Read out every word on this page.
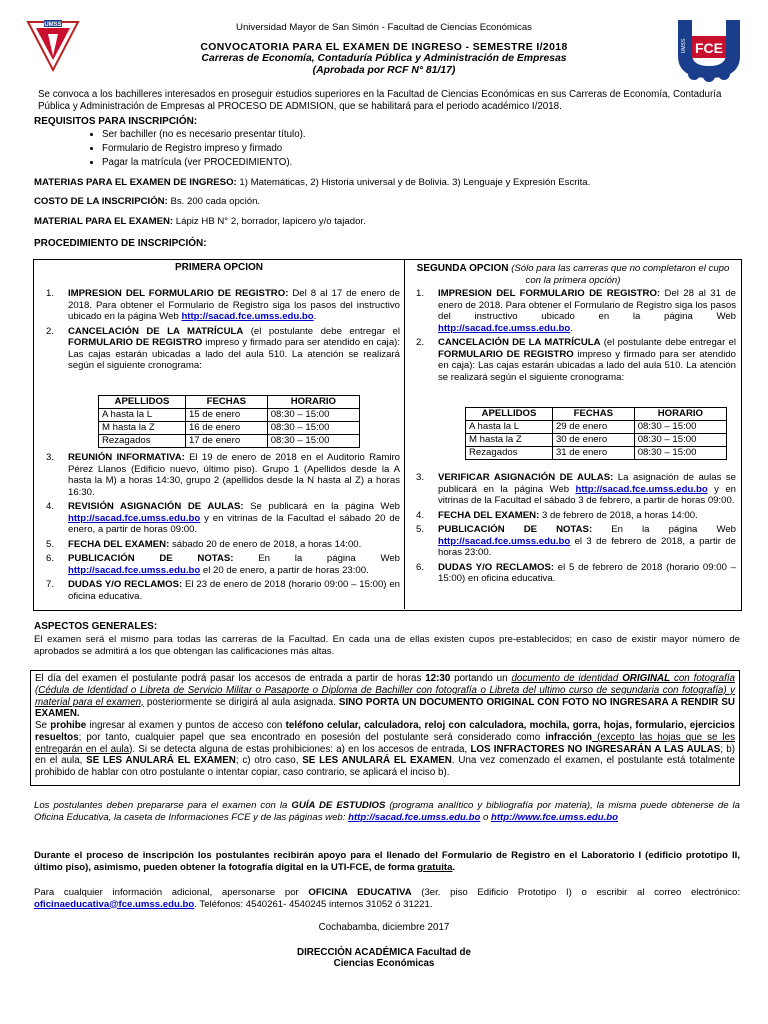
UMSS
FCE
UMSS
Universidad Mayor de San Simón - Facultad de Ciencias Económicas
CONVOCATORIA PARA EL EXAMEN DE INGRESO - SEMESTRE I/2018
Carreras de Economía, Contaduría Pública y Administración de Empresas
(Aprobada por RCF N° 81/17)
Se convoca a los bachilleres interesados en proseguir estudios superiores en la Facultad de Ciencias Económicas en sus Carreras de Economía, Contaduría Pública y Administración de Empresas al PROCESO DE ADMISION, que se habilitará para el periodo académico I/2018.
REQUISITOS PARA INSCRIPCIÓN:
• Ser bachiller (no es necesario presentar título).
• Formulario de Registro impreso y firmado
• Pagar la matrícula (ver PROCEDIMIENTO).
MATERIAS PARA EL EXAMEN DE INGRESO: 1) Matemáticas, 2) Historia universal y de Bolivia. 3) Lenguaje y Expresión Escrita.
COSTO DE LA INSCRIPCIÓN: Bs. 200 cada opción.
MATERIAL PARA EL EXAMEN: Lápiz HB N° 2, borrador, lapicero y/o tajador.
PROCEDIMIENTO DE INSCRIPCIÓN:
PRIMERA OPCION
1. IMPRESION DEL FORMULARIO DE REGISTRO: Del 8 al 17 de enero de 2018. Para obtener el Formulario de Registro siga los pasos del instructivo ubicado en la página Web http://sacad.fce.umss.edu.bo.
2. CANCELACIÓN DE LA MATRÍCULA (el postulante debe entregar el FORMULARIO DE REGISTRO impreso y firmado para ser atendido en caja): Las cajas estarán ubicadas a lado del aula 510. La atención se realizará según el siguiente cronograma:
APELLIDOS	FECHAS	HORARIO
A hasta la L	15 de enero	08:30 – 15:00
M hasta la Z	16 de enero	08:30 – 15:00
Rezagados	17 de enero	08:30 – 15:00
3. REUNIÓN INFORMATIVA: El 19 de enero de 2018 en el Auditorio Ramiro Pérez Llanos (Edificio nuevo, último piso). Grupo 1 (Apellidos desde la A hasta la M) a horas 14:30, grupo 2 (apellidos desde la N hasta al Z) a horas 16:30.
4. REVISIÓN ASIGNACIÓN DE AULAS: Se publicará en la página Web http://sacad.fce.umss.edu.bo y en vitrinas de la Facultad el sábado 20 de enero, a partir de horas 09:00.
5. FECHA DEL EXAMEN: sábado 20 de enero de 2018, a horas 14:00.
6. PUBLICACIÓN DE NOTAS: En la página Web http://sacad.fce.umss.edu.bo el 20 de enero, a partir de horas 23:00.
7. DUDAS Y/O RECLAMOS: El 23 de enero de 2018 (horario 09:00 – 15:00) en oficina educativa.
SEGUNDA OPCION (Sólo para las carreras que no completaron el cupo con la primera opción)
1. IMPRESION DEL FORMULARIO DE REGISTRO: Del 28 al 31 de enero de 2018. Para obtener el Formulario de Registro siga los pasos del instructivo ubicado en la página Web http://sacad.fce.umss.edu.bo.
2. CANCELACIÓN DE LA MATRÍCULA (el postulante debe entregar el FORMULARIO DE REGISTRO impreso y firmado para ser atendido en caja): Las cajas estarán ubicadas a lado del aula 510. La atención se realizará según el siguiente cronograma:
APELLIDOS	FECHAS	HORARIO
A hasta la L	29 de enero	08:30 – 15:00
M hasta la Z	30 de enero	08:30 – 15:00
Rezagados	31 de enero	08:30 – 15:00
3. VERIFICAR ASIGNACIÓN DE AULAS: La asignación de aulas se publicará en la página Web http://sacad.fce.umss.edu.bo y en vitrinas de la Facultad el sábado 3 de febrero, a partir de horas 09:00.
4. FECHA DEL EXAMEN: 3 de febrero de 2018, a horas 14:00.
5. PUBLICACIÓN DE NOTAS: En la página Web http://sacad.fce.umss.edu.bo el 3 de febrero de 2018, a partir de horas 23:00.
6. DUDAS Y/O RECLAMOS: el 5 de febrero de 2018 (horario 09:00 – 15:00) en oficina educativa.
ASPECTOS GENERALES:
El examen será el mismo para todas las carreras de la Facultad. En cada una de ellas existen cupos pre-establecidos; en caso de existir mayor número de aprobados se admitirá a los que obtengan las calificaciones más altas.
El día del examen el postulante podrá pasar los accesos de entrada a partir de horas 12:30 portando un documento de identidad ORIGINAL con fotografía (Cédula de Identidad o Libreta de Servicio Militar o Pasaporte o Diploma de Bachiller con fotografía o Libreta del ultimo curso de segundaria con fotografía) y material para el examen, posteriormente se dirigirá al aula asignada. SINO PORTA UN DOCUMENTO ORIGINAL CON FOTO NO INGRESARA A RENDIR SU EXAMEN.
Se prohibe ingresar al examen y puntos de acceso con teléfono celular, calculadora, reloj con calculadora, mochila, gorra, hojas, formulario, ejercicios resueltos; por tanto, cualquier papel que sea encontrado en posesión del postulante será considerado como infracción (excepto las hojas que se les entregarán en el aula). Si se detecta alguna de estas prohibiciones: a) en los accesos de entrada, LOS INFRACTORES NO INGRESARÁN A LAS AULAS; b) en el aula, SE LES ANULARÁ EL EXAMEN; c) otro caso, SE LES ANULARÁ EL EXAMEN. Una vez comenzado el examen, el postulante está totalmente prohibido de hablar con otro postulante o intentar copiar, caso contrario, se aplicará el inciso b).
Los postulantes deben prepararse para el examen con la GUÍA DE ESTUDIOS (programa analítico y bibliografía por materia), la misma puede obtenerse de la Oficina Educativa, la caseta de Informaciones FCE y de las páginas web: http://sacad.fce.umss.edu.bo o http://www.fce.umss.edu.bo
Durante el proceso de inscripción los postulantes recibirán apoyo para el llenado del Formulario de Registro en el Laboratorio I (edificio prototipo II, último piso), asimismo, pueden obtener la fotografía digital en la UTI-FCE, de forma gratuita.
Para cualquier información adicional, apersonarse por OFICINA EDUCATIVA (3er. piso Edificio Prototipo I) o escribir al correo electrónico: oficinaeducativa@fce.umss.edu.bo. Teléfonos: 4540261- 4540245 internos 31052 ó 31221.
Cochabamba, diciembre 2017
DIRECCIÓN ACADÉMICA Facultad de
Ciencias Económicas
